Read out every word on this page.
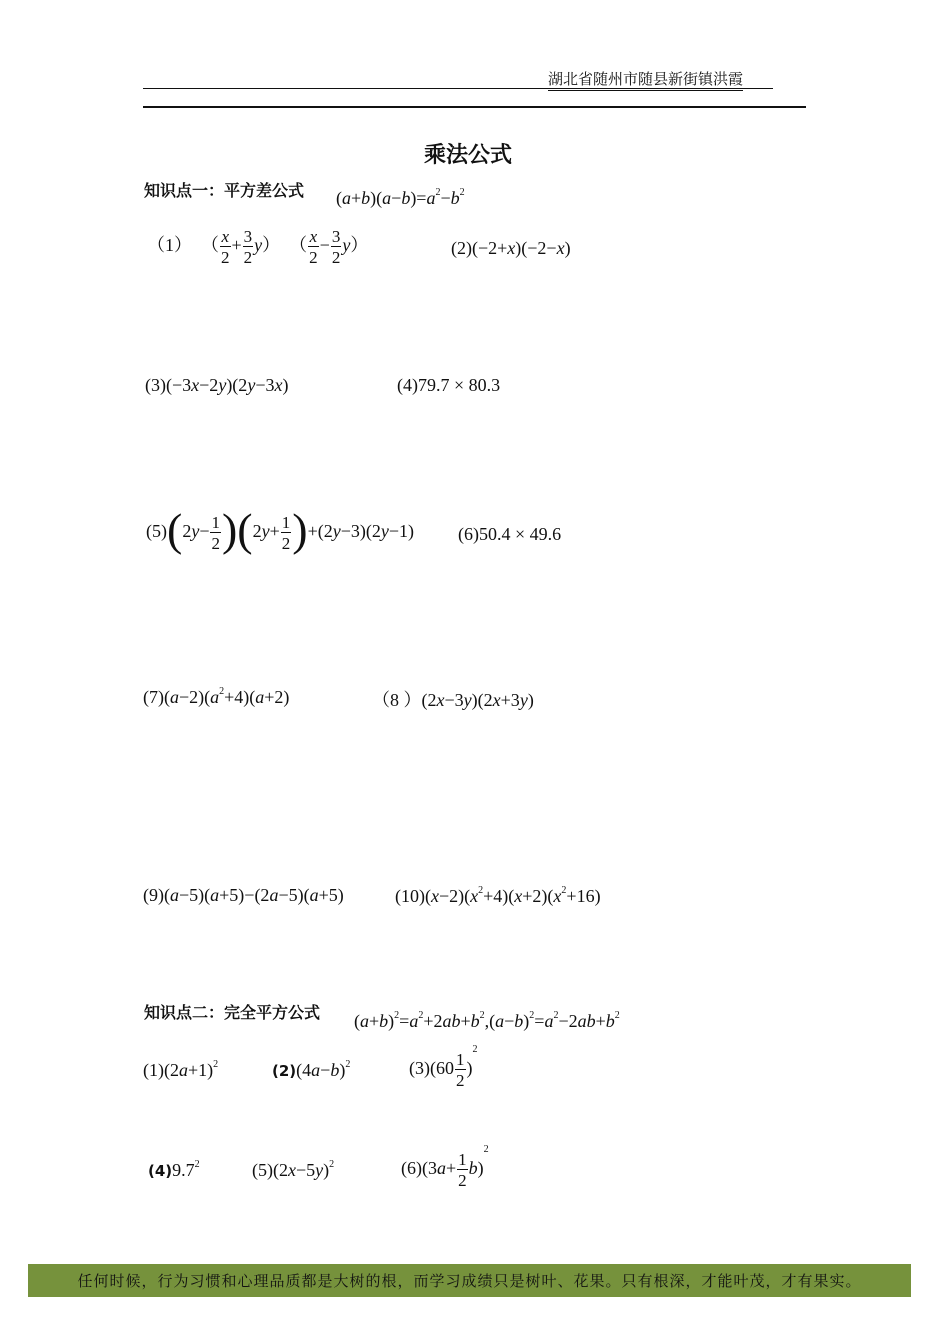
湖北省随州市随县新街镇洪霞
乘法公式
知识点一：平方差公式 $(a+b)(a-b)=a^2-b^2$
（1）  （ $\frac{x}{2} + \frac{3}{2} y$）  （ $\frac{x}{2} - \frac{3}{2} y$）	(2)(−2+x)(−2−x)
(3)(−3x−2y)(2y−3x)	(4)79.7 × 80.3
$(5)(2y- \frac{1}{2} )(2y+ \frac{1}{2} )+(2y-3)(2y-1)$ (6)50.4 × 49.6
$(7)(a-2)(a^2+4)(a+2)$	（8 ）(2x−3y)(2x+3y)
(9)(a−5)(a+5)−(2a−5)(a+5)	$(10)(x-2)(x^2+4)(x+2)(x^2+16)$
知识点二：完全平方公式 $(a+b)^2=a^2+2ab+b^2,(a-b)^2=a^2-2ab+b^2$
$(1)(2a+1)^2$	$(2)(4a-b)^2$	$(3)(60 \frac{1}{2} )^2$
$(4)9.7^2$	$(5)(2x-5y)^2$	$(6)(3a+ \frac{1}{2} b)^2$
任何时候，行为习惯和心理品质都是大树的根，而学习成绩只是树叶、花果。只有根深，才能叶茂，才有果实。
